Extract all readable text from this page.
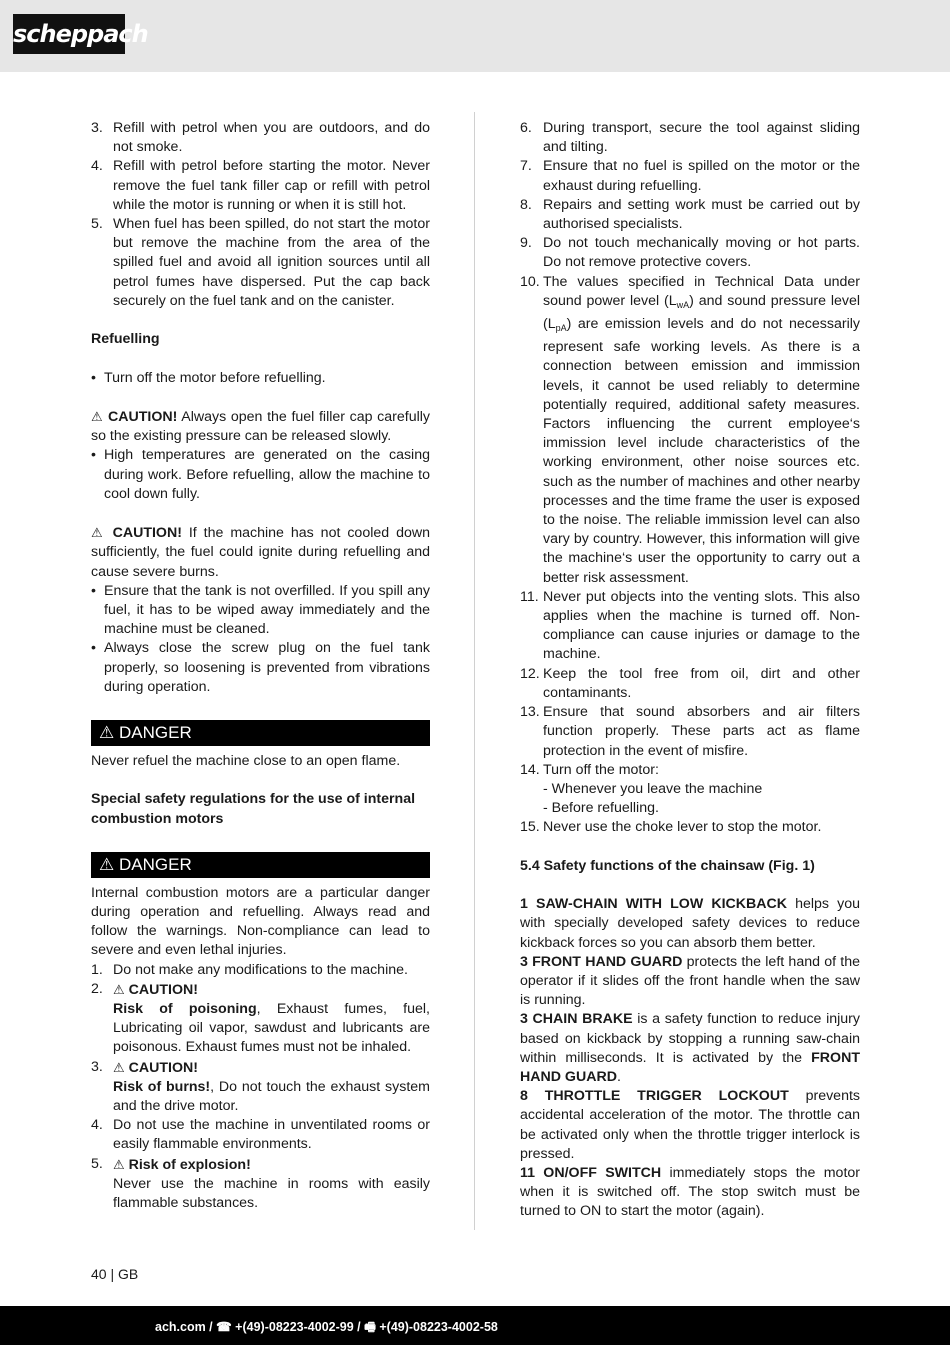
scheppach
3. Refill with petrol when you are outdoors, and do not smoke.
4. Refill with petrol before starting the motor. Never remove the fuel tank filler cap or refill with petrol while the motor is running or when it is still hot.
5. When fuel has been spilled, do not start the motor but remove the machine from the area of the spilled fuel and avoid all ignition sources until all petrol fumes have dispersed. Put the cap back securely on the fuel tank and on the canister.
Refuelling
• Turn off the motor before refuelling.
⚠ CAUTION! Always open the fuel filler cap carefully so the existing pressure can be released slowly.
• High temperatures are generated on the casing during work. Before refuelling, allow the machine to cool down fully.
⚠ CAUTION! If the machine has not cooled down sufficiently, the fuel could ignite during refuelling and cause severe burns.
• Ensure that the tank is not overfilled. If you spill any fuel, it has to be wiped away immediately and the machine must be cleaned.
• Always close the screw plug on the fuel tank properly, so loosening is prevented from vibrations during operation.
⚠ DANGER
Never refuel the machine close to an open flame.
Special safety regulations for the use of internal combustion motors
⚠ DANGER
Internal combustion motors are a particular danger during operation and refuelling. Always read and follow the warnings. Non-compliance can lead to severe and even lethal injuries.
1. Do not make any modifications to the machine.
2. ⚠ CAUTION!
Risk of poisoning, Exhaust fumes, fuel, Lubricating oil vapor, sawdust and lubricants are poisonous. Exhaust fumes must not be inhaled.
3. ⚠ CAUTION!
Risk of burns!, Do not touch the exhaust system and the drive motor.
4. Do not use the machine in unventilated rooms or easily flammable environments.
5. ⚠ Risk of explosion!
Never use the machine in rooms with easily flammable substances.
6. During transport, secure the tool against sliding and tilting.
7. Ensure that no fuel is spilled on the motor or the exhaust during refuelling.
8. Repairs and setting work must be carried out by authorised specialists.
9. Do not touch mechanically moving or hot parts. Do not remove protective covers.
10. The values specified in Technical Data under sound power level $(L_{wA})$ and sound pressure level $(L_{pA})$ are emission levels and do not necessarily represent safe working levels. As there is a connection between emission and immission levels, it cannot be used reliably to determine potentially required, additional safety measures. Factors influencing the current employee‘s immission level include characteristics of the working environment, other noise sources etc. such as the number of machines and other nearby processes and the time frame the user is exposed to the noise. The reliable immission level can also vary by country. However, this information will give the machine‘s user the opportunity to carry out a better risk assessment.
11. Never put objects into the venting slots. This also applies when the machine is turned off. Non-compliance can cause injuries or damage to the machine.
12. Keep the tool free from oil, dirt and other contaminants.
13. Ensure that sound absorbers and air filters function properly. These parts act as flame protection in the event of misfire.
14. Turn off the motor:
- Whenever you leave the machine
- Before refuelling.
15. Never use the choke lever to stop the motor.
5.4 Safety functions of the chainsaw (Fig. 1)
1 SAW-CHAIN WITH LOW KICKBACK helps you with specially developed safety devices to reduce kickback forces so you can absorb them better.
3 FRONT HAND GUARD protects the left hand of the operator if it slides off the front handle when the saw is running.
3 CHAIN BRAKE is a safety function to reduce injury based on kickback by stopping a running saw-chain within milliseconds. It is activated by the FRONT HAND GUARD.
8 THROTTLE TRIGGER LOCKOUT prevents accidental acceleration of the motor. The throttle can be activated only when the throttle trigger interlock is pressed.
11 ON/OFF SWITCH immediately stops the motor when it is switched off. The stop switch must be turned to ON to start the motor (again).
40 | GB
ach.com / ☎ +(49)-08223-4002-99 / 🖷 +(49)-08223-4002-58
